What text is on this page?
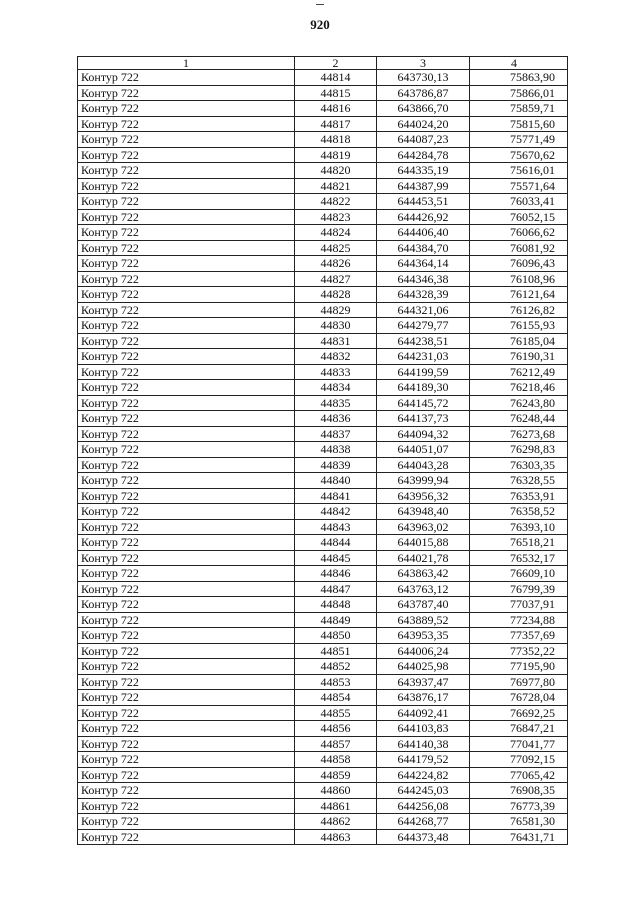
920
1	2	3	4
Контур 722	44814	643730,13	75863,90
Контур 722	44815	643786,87	75866,01
Контур 722	44816	643866,70	75859,71
Контур 722	44817	644024,20	75815,60
Контур 722	44818	644087,23	75771,49
Контур 722	44819	644284,78	75670,62
Контур 722	44820	644335,19	75616,01
Контур 722	44821	644387,99	75571,64
Контур 722	44822	644453,51	76033,41
Контур 722	44823	644426,92	76052,15
Контур 722	44824	644406,40	76066,62
Контур 722	44825	644384,70	76081,92
Контур 722	44826	644364,14	76096,43
Контур 722	44827	644346,38	76108,96
Контур 722	44828	644328,39	76121,64
Контур 722	44829	644321,06	76126,82
Контур 722	44830	644279,77	76155,93
Контур 722	44831	644238,51	76185,04
Контур 722	44832	644231,03	76190,31
Контур 722	44833	644199,59	76212,49
Контур 722	44834	644189,30	76218,46
Контур 722	44835	644145,72	76243,80
Контур 722	44836	644137,73	76248,44
Контур 722	44837	644094,32	76273,68
Контур 722	44838	644051,07	76298,83
Контур 722	44839	644043,28	76303,35
Контур 722	44840	643999,94	76328,55
Контур 722	44841	643956,32	76353,91
Контур 722	44842	643948,40	76358,52
Контур 722	44843	643963,02	76393,10
Контур 722	44844	644015,88	76518,21
Контур 722	44845	644021,78	76532,17
Контур 722	44846	643863,42	76609,10
Контур 722	44847	643763,12	76799,39
Контур 722	44848	643787,40	77037,91
Контур 722	44849	643889,52	77234,88
Контур 722	44850	643953,35	77357,69
Контур 722	44851	644006,24	77352,22
Контур 722	44852	644025,98	77195,90
Контур 722	44853	643937,47	76977,80
Контур 722	44854	643876,17	76728,04
Контур 722	44855	644092,41	76692,25
Контур 722	44856	644103,83	76847,21
Контур 722	44857	644140,38	77041,77
Контур 722	44858	644179,52	77092,15
Контур 722	44859	644224,82	77065,42
Контур 722	44860	644245,03	76908,35
Контур 722	44861	644256,08	76773,39
Контур 722	44862	644268,77	76581,30
Контур 722	44863	644373,48	76431,71
